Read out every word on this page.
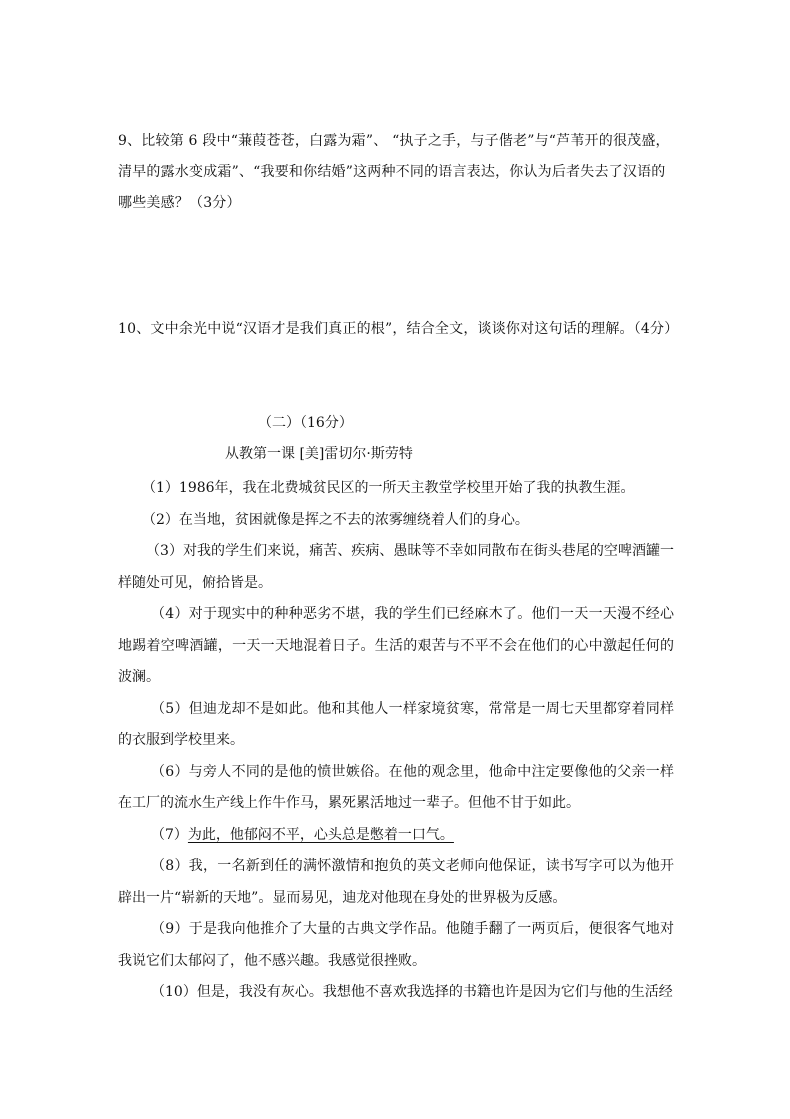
9、比较第 6 段中“蒹葭苍苍，白露为霜”、 “执子之手，与子偕老”与“芦苇开的很茂盛，清早的露水变成霜”、“我要和你结婚”这两种不同的语言表达，你认为后者失去了汉语的哪些美感？（3分）
10、文中余光中说“汉语才是我们真正的根”，结合全文，谈谈你对这句话的理解。（4分）
（二）（16分）
从教第一课 [美]雷切尔·斯劳特
（1）1986年，我在北费城贫民区的一所天主教堂学校里开始了我的执教生涯。
（2）在当地，贫困就像是挥之不去的浓雾缠绕着人们的身心。
（3）对我的学生们来说，痛苦、疾病、愚昧等不幸如同散布在街头巷尾的空啤酒罐一样随处可见，俯拾皆是。
（4）对于现实中的种种恶劣不堪，我的学生们已经麻木了。他们一天一天漫不经心地踢着空啤酒罐，一天一天地混着日子。生活的艰苦与不平不会在他们的心中激起任何的波澜。
（5）但迪龙却不是如此。他和其他人一样家境贫寒，常常是一周七天里都穿着同样的衣服到学校里来。
（6）与旁人不同的是他的愤世嫉俗。在他的观念里，他命中注定要像他的父亲一样在工厂的流水生产线上作牛作马，累死累活地过一辈子。但他不甘于如此。
（7）为此，他郁闷不平，心头总是憋着一口气。
（8）我，一名新到任的满怀激情和抱负的英文老师向他保证，读书写字可以为他开辟出一片“崭新的天地”。显而易见，迪龙对他现在身处的世界极为反感。
（9）于是我向他推介了大量的古典文学作品。他随手翻了一两页后，便很客气地对我说它们太郁闷了，他不感兴趣。我感觉很挫败。
（10）但是，我没有灰心。我想他不喜欢我选择的书籍也许是因为它们与他的生活经
